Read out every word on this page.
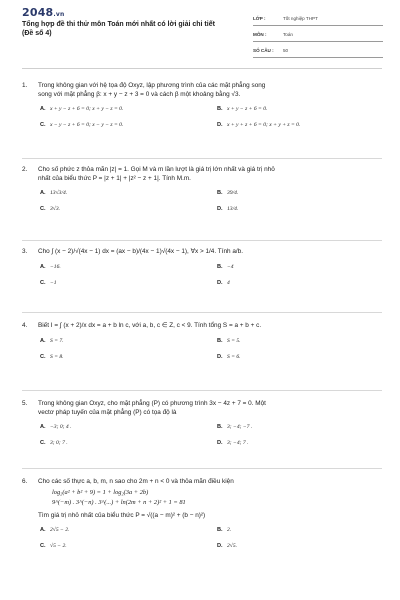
2048.vn
Tổng hợp đề thi thử môn Toán mới nhất có lời giải chi tiết
(Đề số 4)
LỚP :	Tốt nghiệp THPT
MÔN :	Toán
SỐ CÂU : 50
1.	Trong không gian với hệ tọa độ Oxyz, lập phương trình của các mặt phẳng song
song với mặt phẳng β: x + y − z + 3 = 0 và cách β một khoảng bằng √3.
A. x + y − z + 6 = 0; x + y − z = 0.	B. x + y − z + 6 = 0.
C. x − y − z + 6 = 0; x − y − z = 0.	D. x + y + z + 6 = 0; x + y + z = 0.
2.	Cho số phức z thỏa mãn |z| = 1. Gọi M và m lần lượt là giá trị lớn nhất và giá trị nhỏ
nhất của biểu thức P = |z + 1| + |z² − z + 1|. Tính M.m.
A. 13√3/4.	B. 39/4.
C. 3√3.	D. 13/4.
3.	Cho ∫ (x − 2)/√(4x − 1) dx = (ax − b)/(4x − 1)√(4x − 1), ∀x > 1/4. Tính a/b.
A. −16.	B. −4
C. −1	D. 4
4.	Biết I = ∫ (x + 2)/x dx = a + b ln c, với a, b, c ∈ Z, c < 9. Tính tổng S = a + b + c.
A. S = 7.	B. S = 5.
C. S = 8.	D. S = 6.
5.	Trong không gian Oxyz, cho mặt phẳng (P) có phương trình 3x − 4z + 7 = 0. Một
vectơ pháp tuyến của mặt phẳng (P) có tọa độ là
A. −3; 0; 4 .	B. 3; −4; −7 .
C. 3; 0; 7 .	D. 3; −4; 7 .
6.	Cho các số thực a, b, m, n sao cho 2m + n < 0 và thỏa mãn điều kiện
log₂(a² + b² + 9) = 1 + log₂(3a + 2b)
9^(−m) . 3^(−n) . 3^(...) + ln(2m + n + 2)² + 1 = 81
Tìm giá trị nhỏ nhất của biểu thức P = √((a − m)² + (b − n)²)
A. 2√5 − 2.	B. 2.
C. √5 − 2.	D. 2√5.
